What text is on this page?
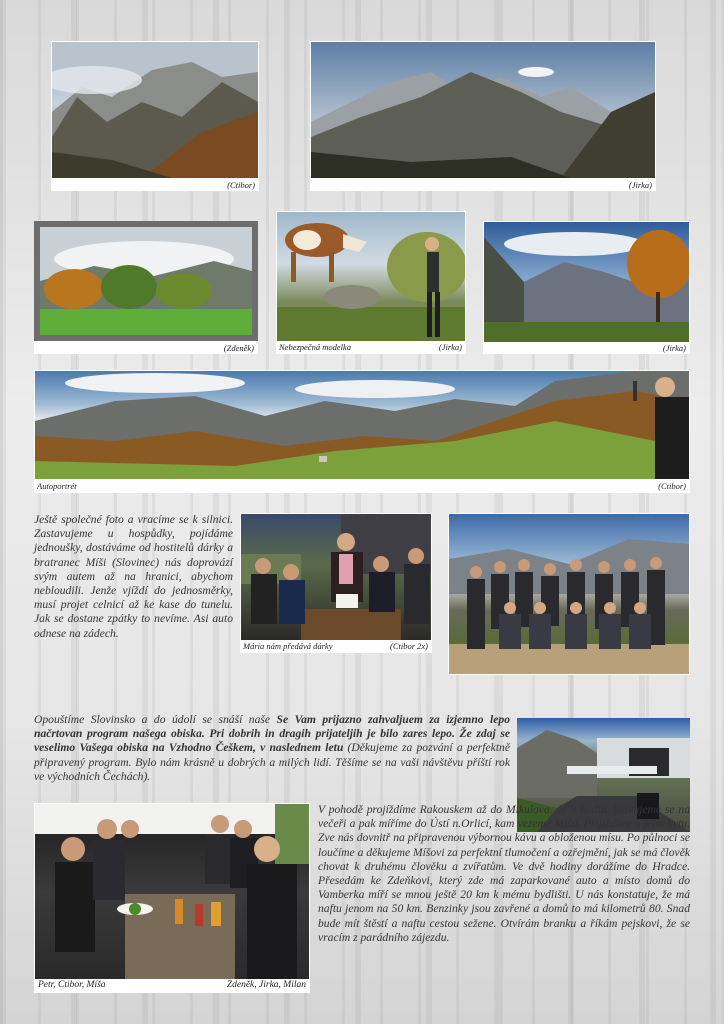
(Ctibor)	(Jirka)
(Zdeněk)	Nebezpečná modelka	(Jirka)	(Jirka)
Autoportrét	(Ctibor)
Ještě společné foto a vracíme se k silnici. Zastavujeme u hospůdky, pojídáme jednoušky, dostáváme od hostitelů dárky a bratranec Míši (Slovinec) nás doprovází svým autem až na hranici, abychom nebloudili. Jenže vjíždí do jednosměrky, musí projet celnicí až ke kase do tunelu. Jak se dostane zpátky to nevíme. Asi auto odnese na zádech.
Mária nám předává dárky	(Ctibor 2x)
Opouštíme Slovinsko a do údolí se snáší naše Se Vam prijazno zahvaljuem za izjemno lepo načrtovan program našega obiska. Pri dobrih in dragih prijateljih je bilo zares lepo. Že zdaj se veselimo Vašega obiska na Vzhodno Češkem, v naslednem letu (Děkujeme za pozvání a perfektně připravený program. Bylo nám krásně u dobrých a milých lidí. Těšíme se na vaši návštěvu příští rok ve východních Čechách).
Petr, Ctibor, Míša	Zdeněk, Jirka, Milan
V pohodě projíždíme Rakouskem až do Mikulova. Je 9 hodin. Stavujeme se na večeři a pak míříme do Ústí n.Orlicí, kam vezeme Míšu. Přijíždíme k jeho bytu. Zve nás dovnitř na připravenou výbornou kávu a obloženou mísu. Po půlnoci se loučíme a děkujeme Míšovi za perfektní tlumočení a ozřejmění, jak se má člověk chovat k druhému člověku a zvířatům. Ve dvě hodiny dorážíme do Hradce. Přesedám ke Zdeňkovi, který zde má zaparkované auto a místo domů do Vamberka míří se mnou ještě 20 km k mému bydlišti. U nás konstatuje, že má naftu jenom na 50 km. Benzinky jsou zavřené a domů to má kilometrů 80. Snad bude mít štěstí a naftu cestou sežene. Otvírám branku a říkám pejskovi, že se vracím z parádního zájezdu.
